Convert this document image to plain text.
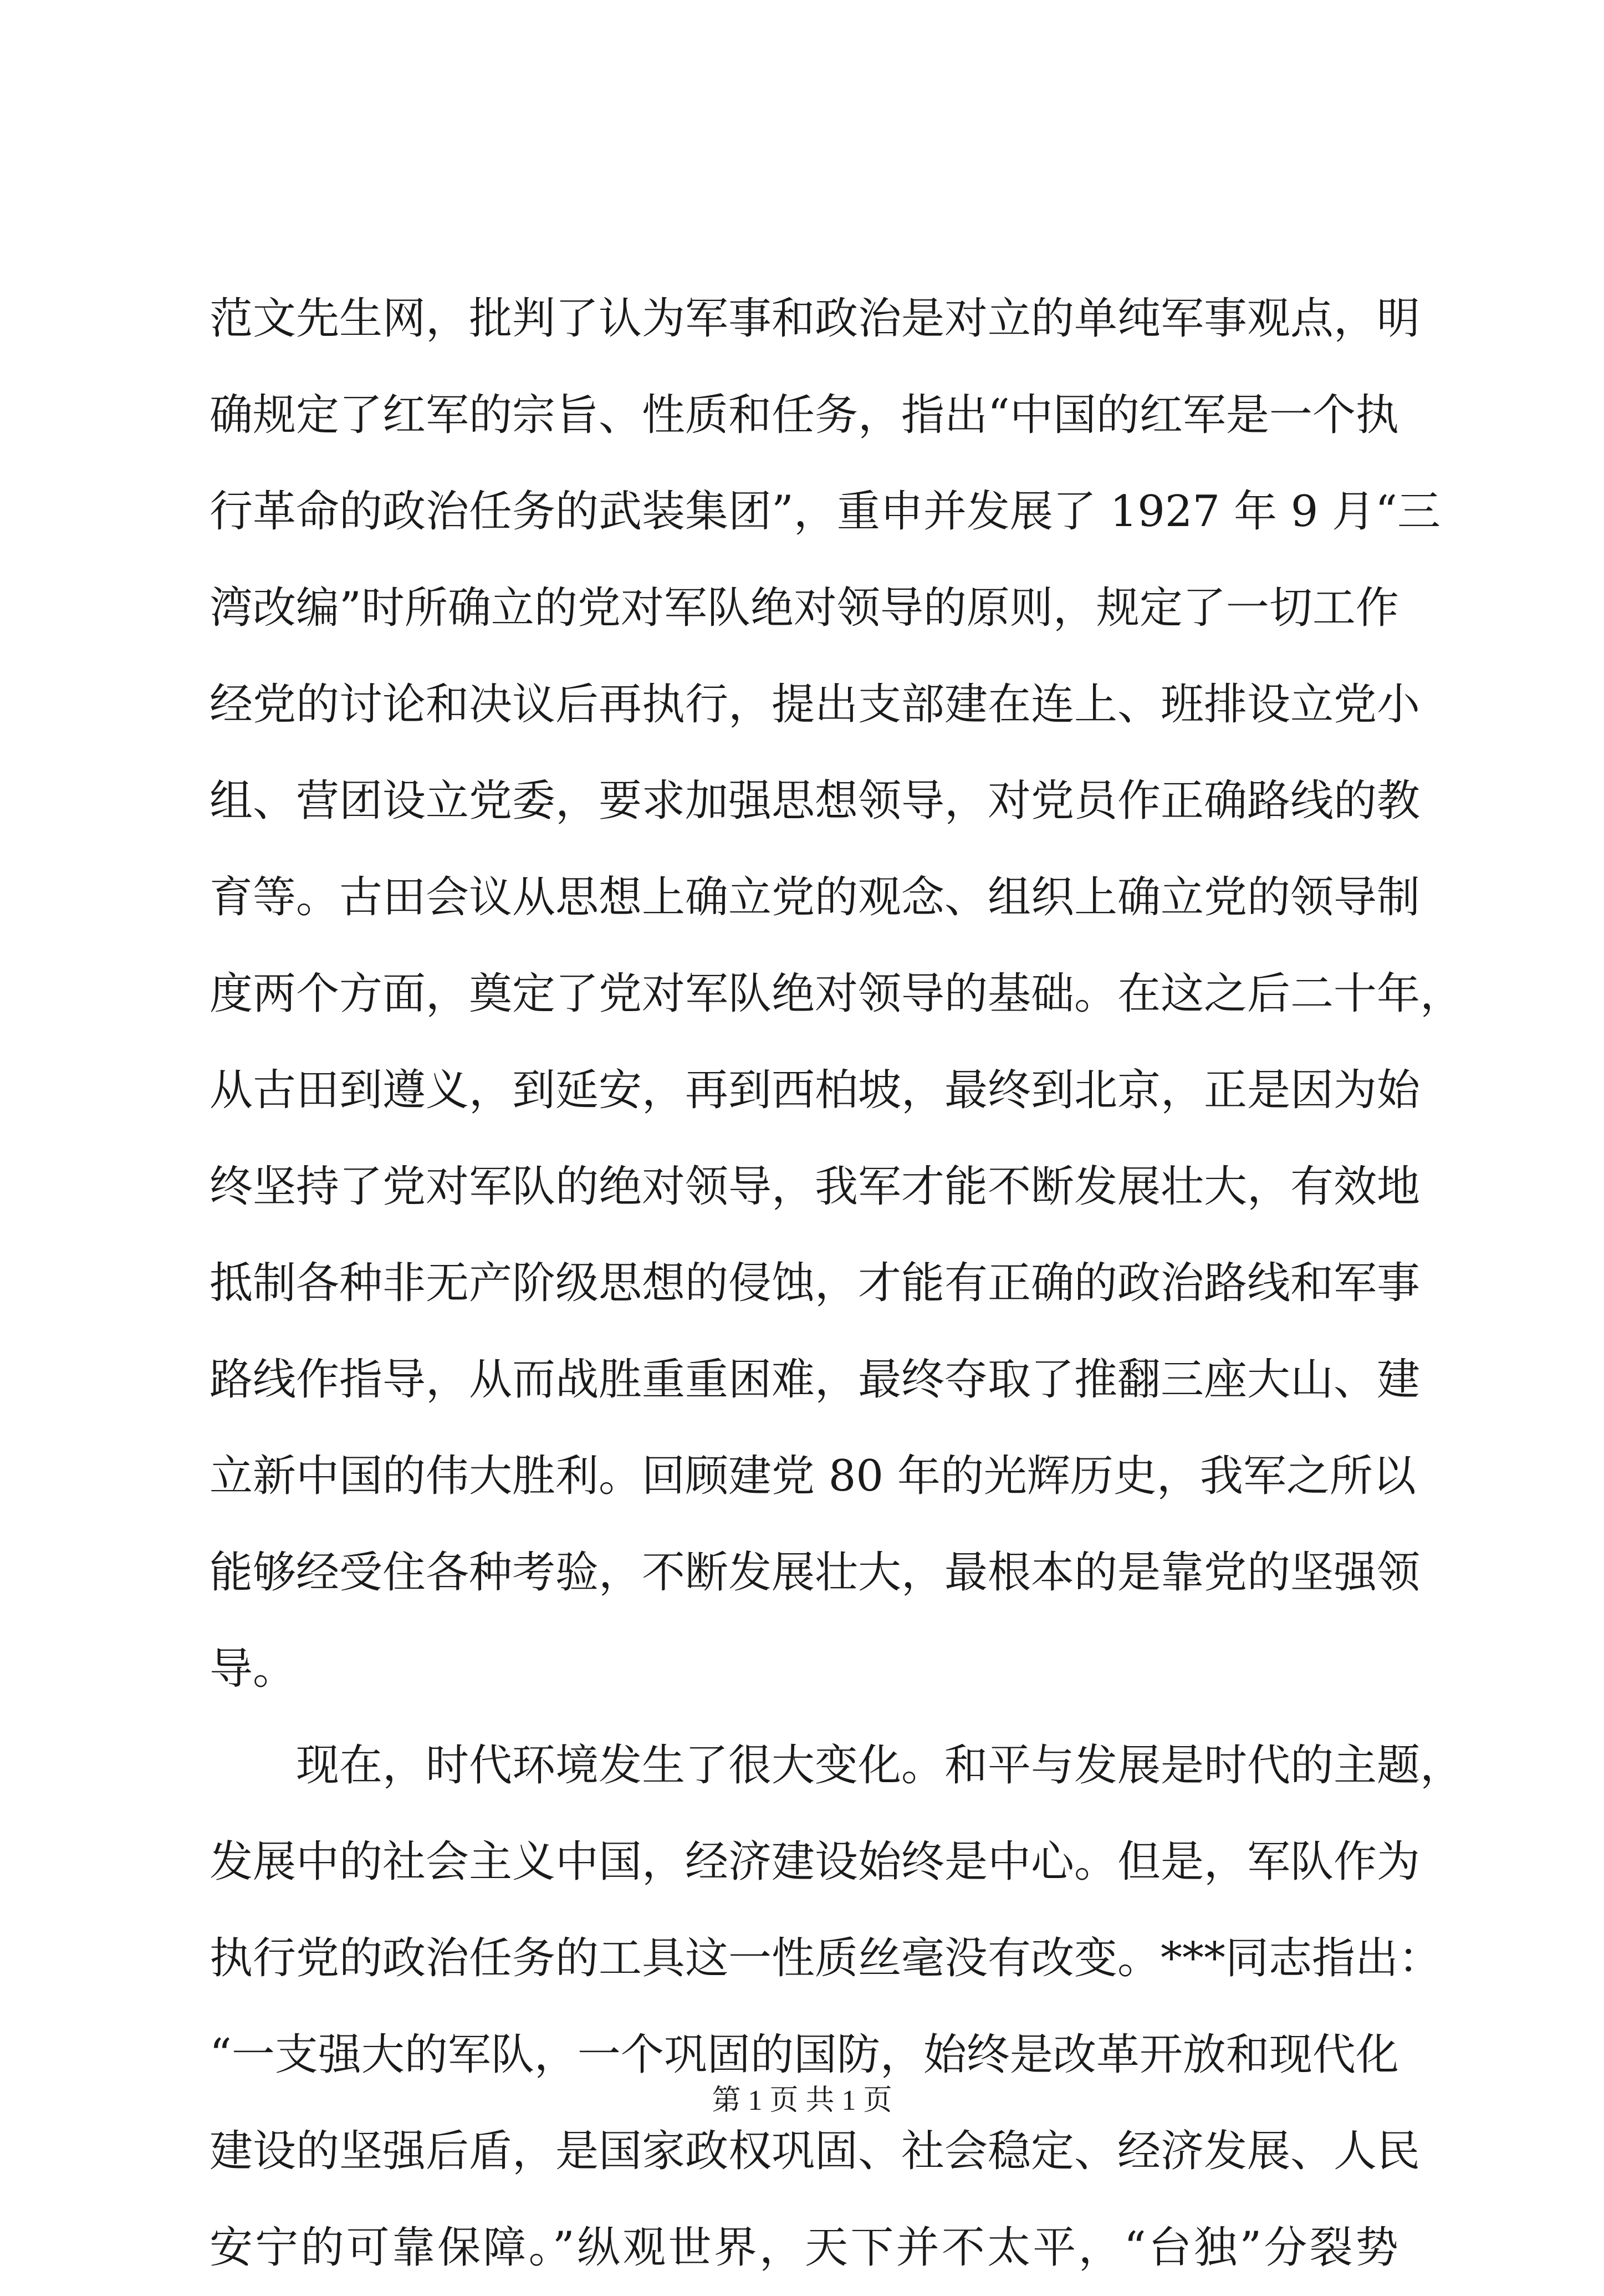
范文先生网，批判了认为军事和政治是对立的单纯军事观点，明
确规定了红军的宗旨、性质和任务，指出“中国的红军是一个执
行革命的政治任务的武装集团”，重申并发展了 1927 年 9 月“三
湾改编”时所确立的党对军队绝对领导的原则，规定了一切工作
经党的讨论和决议后再执行，提出支部建在连上、班排设立党小
组、营团设立党委，要求加强思想领导，对党员作正确路线的教
育等。古田会议从思想上确立党的观念、组织上确立党的领导制
度两个方面，奠定了党对军队绝对领导的基础。在这之后二十年，
从古田到遵义，到延安，再到西柏坡，最终到北京，正是因为始
终坚持了党对军队的绝对领导，我军才能不断发展壮大，有效地
抵制各种非无产阶级思想的侵蚀，才能有正确的政治路线和军事
路线作指导，从而战胜重重困难，最终夺取了推翻三座大山、建
立新中国的伟大胜利。回顾建党 80 年的光辉历史，我军之所以
能够经受住各种考验，不断发展壮大，最根本的是靠党的坚强领
导。
现在，时代环境发生了很大变化。和平与发展是时代的主题，
发展中的社会主义中国，经济建设始终是中心。但是，军队作为
执行党的政治任务的工具这一性质丝毫没有改变。***同志指出：
“一支强大的军队，一个巩固的国防，始终是改革开放和现代化
建设的坚强后盾，是国家政权巩固、社会稳定、经济发展、人民
安宁的可靠保障。”纵观世界，天下并不太平，“台独”分裂势
第 1 页 共 1 页
